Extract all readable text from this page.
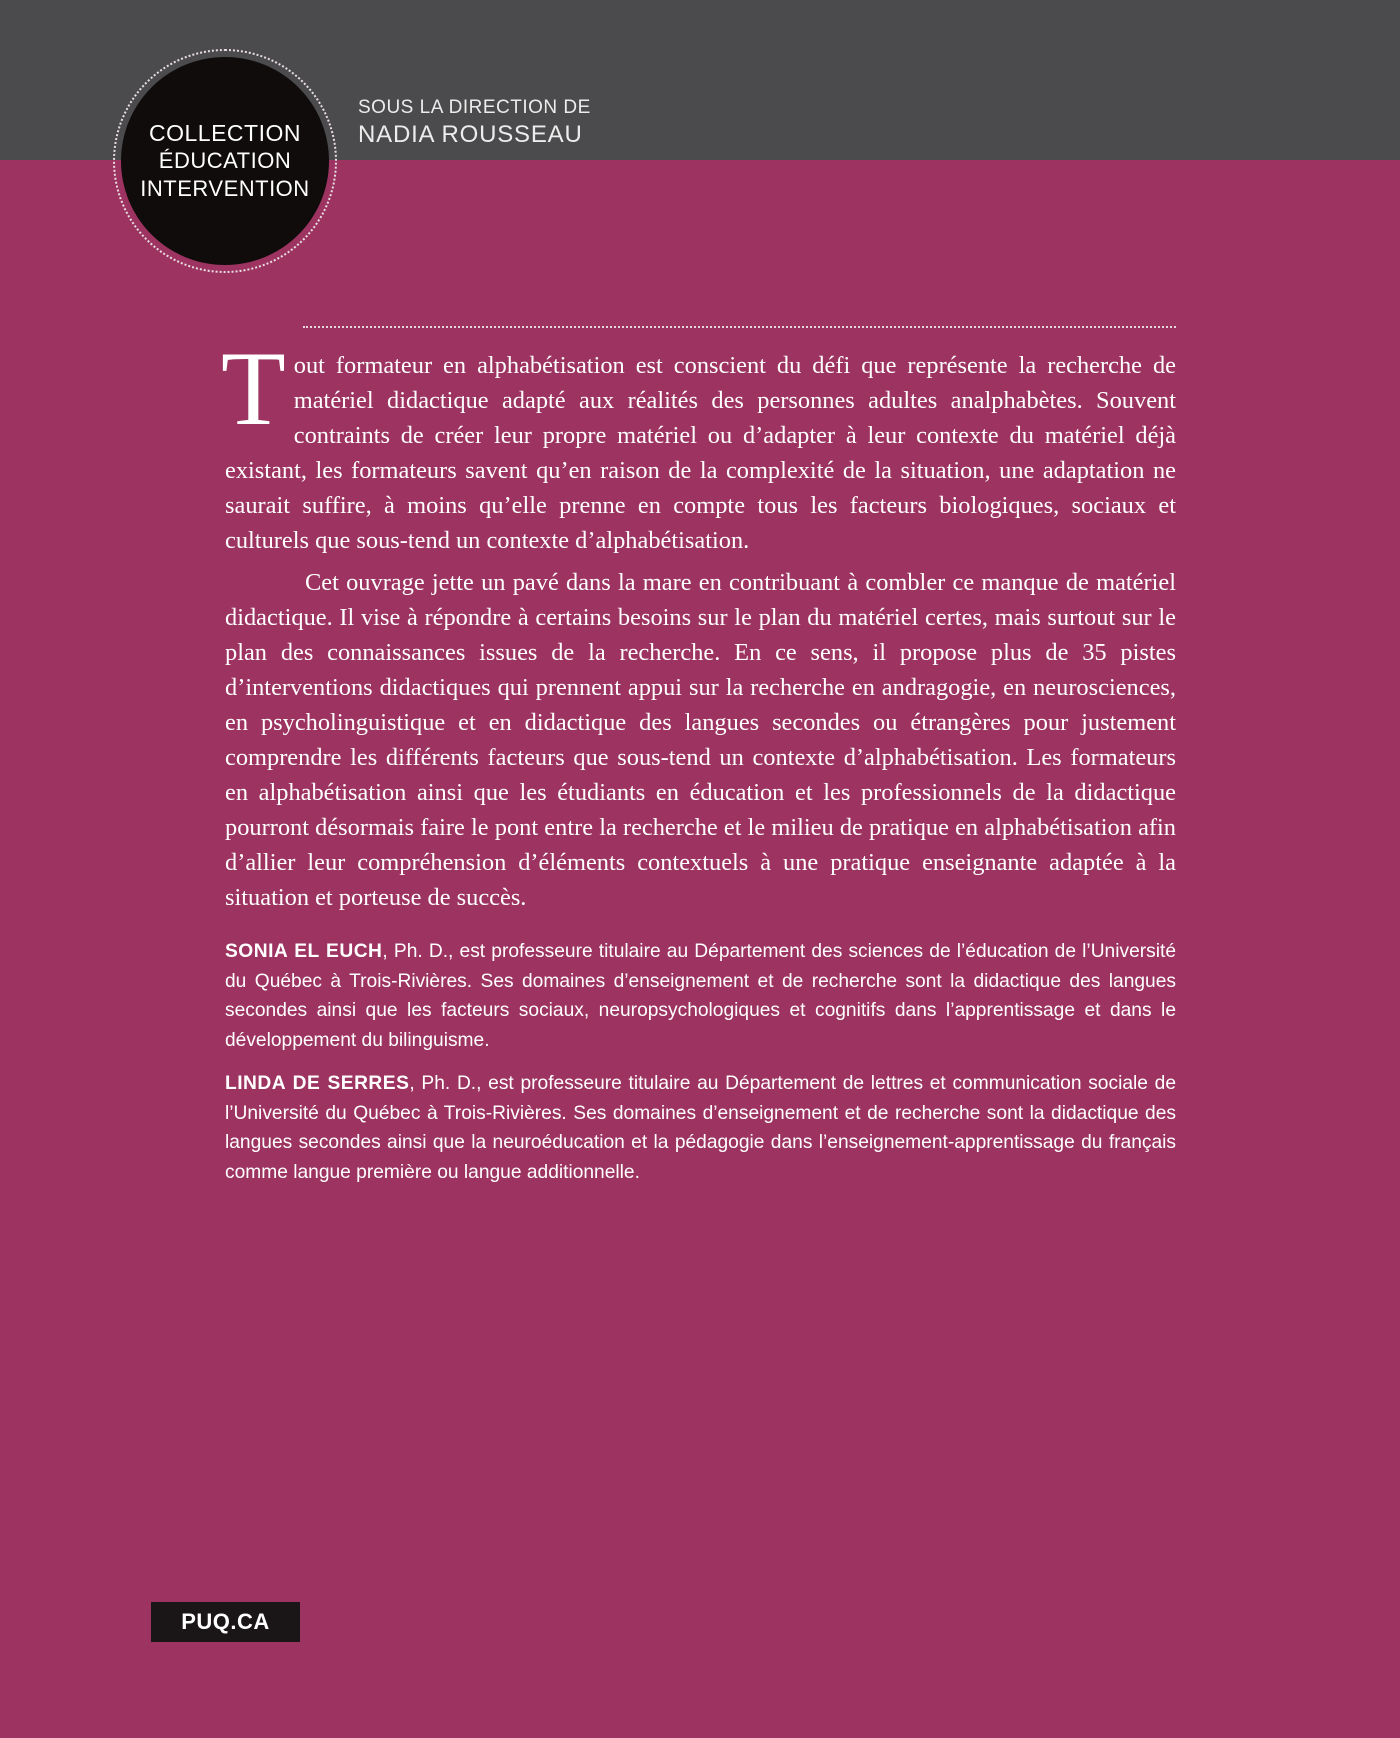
COLLECTION
ÉDUCATION
INTERVENTION
SOUS LA DIRECTION DE
NADIA ROUSSEAU

Tout formateur en alphabétisation est conscient du défi que représente la recherche de matériel didactique adapté aux réalités des personnes adultes analphabètes. Souvent contraints de créer leur propre matériel ou d’adapter à leur contexte du matériel déjà existant, les formateurs savent qu’en raison de la complexité de la situation, une adaptation ne saurait suffire, à moins qu’elle prenne en compte tous les facteurs biologiques, sociaux et culturels que sous-tend un contexte d’alphabétisation.

Cet ouvrage jette un pavé dans la mare en contribuant à combler ce manque de matériel didactique. Il vise à répondre à certains besoins sur le plan du matériel certes, mais surtout sur le plan des connaissances issues de la recherche. En ce sens, il propose plus de 35 pistes d’interventions didactiques qui prennent appui sur la recherche en andragogie, en neurosciences, en psycholinguistique et en didactique des langues secondes ou étrangères pour justement comprendre les différents facteurs que sous-tend un contexte d’alphabétisation. Les formateurs en alphabétisation ainsi que les étudiants en éducation et les professionnels de la didactique pourront désormais faire le pont entre la recherche et le milieu de pratique en alphabétisation afin d’allier leur compréhension d’éléments contextuels à une pratique enseignante adaptée à la situation et porteuse de succès.

SONIA EL EUCH, Ph. D., est professeure titulaire au Département des sciences de l’éducation de l’Université du Québec à Trois-Rivières. Ses domaines d’enseignement et de recherche sont la didactique des langues secondes ainsi que les facteurs sociaux, neuropsychologiques et cognitifs dans l’apprentissage et dans le développement du bilinguisme.

LINDA DE SERRES, Ph. D., est professeure titulaire au Département de lettres et communication sociale de l’Université du Québec à Trois-Rivières. Ses domaines d’enseignement et de recherche sont la didactique des langues secondes ainsi que la neuroéducation et la pédagogie dans l’enseignement-apprentissage du français comme langue première ou langue additionnelle.

PUQ.CA
